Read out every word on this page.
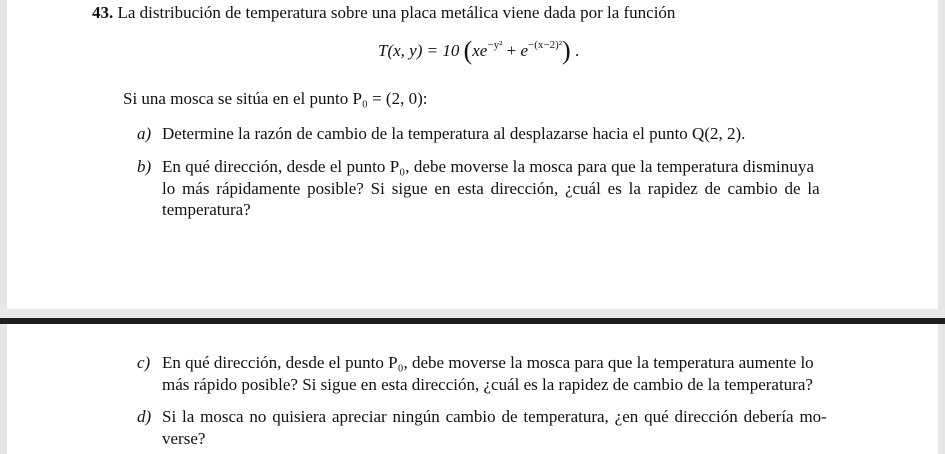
43. La distribución de temperatura sobre una placa metálica viene dada por la función
T(x, y) = 10 $(xe^{-y^2} + e^{-(x-2)^2})$ .
Si una mosca se sitúa en el punto P₀ = (2, 0):
a) Determine la razón de cambio de la temperatura al desplazarse hacia el punto Q(2, 2).
b) En qué dirección, desde el punto P₀, debe moverse la mosca para que la temperatura disminuya
lo más rápidamente posible? Si sigue en esta dirección, ¿cuál es la rapidez de cambio de la
temperatura?
c) En qué dirección, desde el punto P₀, debe moverse la mosca para que la temperatura aumente lo
más rápido posible? Si sigue en esta dirección, ¿cuál es la rapidez de cambio de la temperatura?
d) Si la mosca no quisiera apreciar ningún cambio de temperatura, ¿en qué dirección debería mo-
verse?
